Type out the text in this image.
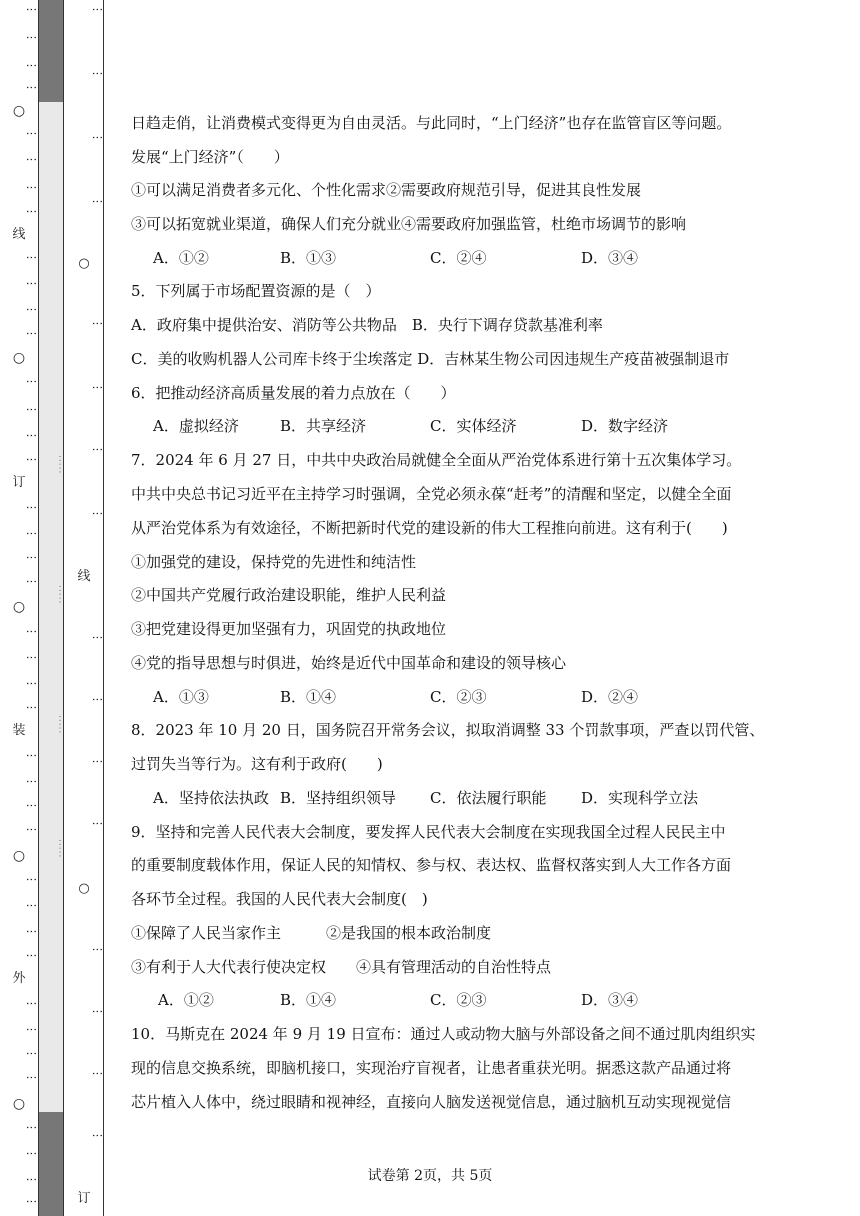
⋮
⋮
⋮
⋮
○
⋮
⋮
⋮
⋮
线
⋮
⋮
⋮
⋮
○
⋮
⋮
⋮
⋮
订
⋮
⋮
⋮
⋮
○
⋮
⋮
⋮
⋮
装
⋮
⋮
⋮
⋮
○
⋮
⋮
⋮
⋮
外
⋮
⋮
⋮
⋮
○
⋮
⋮
⋮
⋮
·····
·····
·····
·····
⋮
⋮
⋮
⋮
○
⋮
⋮
⋮
⋮
线
⋮
⋮
⋮
⋮
○
⋮
⋮
⋮
⋮
订
日趋走俏，让消费模式变得更为自由灵活。与此同时，“上门经济”也存在监管盲区等问题。
发展“上门经济”（　　）
①可以满足消费者多元化、个性化需求②需要政府规范引导，促进其良性发展
③可以拓宽就业渠道，确保人们充分就业④需要政府加强监管，杜绝市场调节的影响
A．①②	B．①③	C．②④	D．③④
5．下列属于市场配置资源的是（　）
A．政府集中提供治安、消防等公共物品　B．央行下调存贷款基准利率
C．美的收购机器人公司库卡终于尘埃落定 D．吉林某生物公司因违规生产疫苗被强制退市
6．把推动经济高质量发展的着力点放在（　　）
A．虚拟经济	B．共享经济	C．实体经济	D．数字经济
7．2024 年 6 月 27 日，中共中央政治局就健全全面从严治党体系进行第十五次集体学习。
中共中央总书记习近平在主持学习时强调，全党必须永葆“赶考”的清醒和坚定，以健全全面
从严治党体系为有效途径，不断把新时代党的建设新的伟大工程推向前进。这有利于(　　)
①加强党的建设，保持党的先进性和纯洁性
②中国共产党履行政治建设职能，维护人民利益
③把党建设得更加坚强有力，巩固党的执政地位
④党的指导思想与时俱进，始终是近代中国革命和建设的领导核心
A．①③	B．①④	C．②③	D．②④
8．2023 年 10 月 20 日，国务院召开常务会议，拟取消调整 33 个罚款事项，严查以罚代管、
过罚失当等行为。这有利于政府(　　)
A．坚持依法执政 B．坚持组织领导 C．依法履行职能 D．实现科学立法
9．坚持和完善人民代表大会制度，要发挥人民代表大会制度在实现我国全过程人民民主中
的重要制度载体作用，保证人民的知情权、参与权、表达权、监督权落实到人大工作各方面
各环节全过程。我国的人民代表大会制度(　)
①保障了人民当家作主　　　②是我国的根本政治制度
③有利于人大代表行使决定权　　④具有管理活动的自治性特点
A．①②	B．①④	C．②③	D．③④
10．马斯克在 2024 年 9 月 19 日宣布：通过人或动物大脑与外部设备之间不通过肌肉组织实
现的信息交换系统，即脑机接口，实现治疗盲视者，让患者重获光明。据悉这款产品通过将
芯片植入人体中，绕过眼睛和视神经，直接向人脑发送视觉信息，通过脑机互动实现视觉信
试卷第 2页，共 5页
